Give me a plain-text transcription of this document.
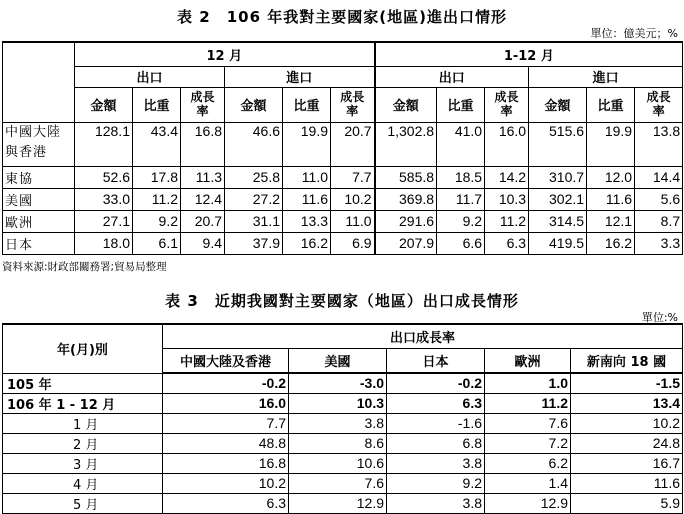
表 2　106 年我對主要國家(地區)進出口情形
單位：億美元；%
	12 月						1-12 月					
	出口			進口			出口			進口		
	金額	比重	成長率	金額	比重	成長率	金額	比重	成長率	金額	比重	成長率
中國大陸與香港	128.1	43.4	16.8	46.6	19.9	20.7	1,302.8	41.0	16.0	515.6	19.9	13.8
東協	52.6	17.8	11.3	25.8	11.0	7.7	585.8	18.5	14.2	310.7	12.0	14.4
美國	33.0	11.2	12.4	27.2	11.6	10.2	369.8	11.7	10.3	302.1	11.6	5.6
歐洲	27.1	9.2	20.7	31.1	13.3	11.0	291.6	9.2	11.2	314.5	12.1	8.7
日本	18.0	6.1	9.4	37.9	16.2	6.9	207.9	6.6	6.3	419.5	16.2	3.3
資料來源:財政部關務署;貿易局整理
表 3　近期我國對主要國家（地區）出口成長情形
單位:%
年(月)別	出口成長率				
	中國大陸及香港	美國	日本	歐洲	新南向 18 國
105 年	-0.2	-3.0	-0.2	1.0	-1.5
106 年 1 - 12 月	16.0	10.3	6.3	11.2	13.4
1 月	7.7	3.8	-1.6	7.6	10.2
2 月	48.8	8.6	6.8	7.2	24.8
3 月	16.8	10.6	3.8	6.2	16.7
4 月	10.2	7.6	9.2	1.4	11.6
5 月	6.3	12.9	3.8	12.9	5.9
